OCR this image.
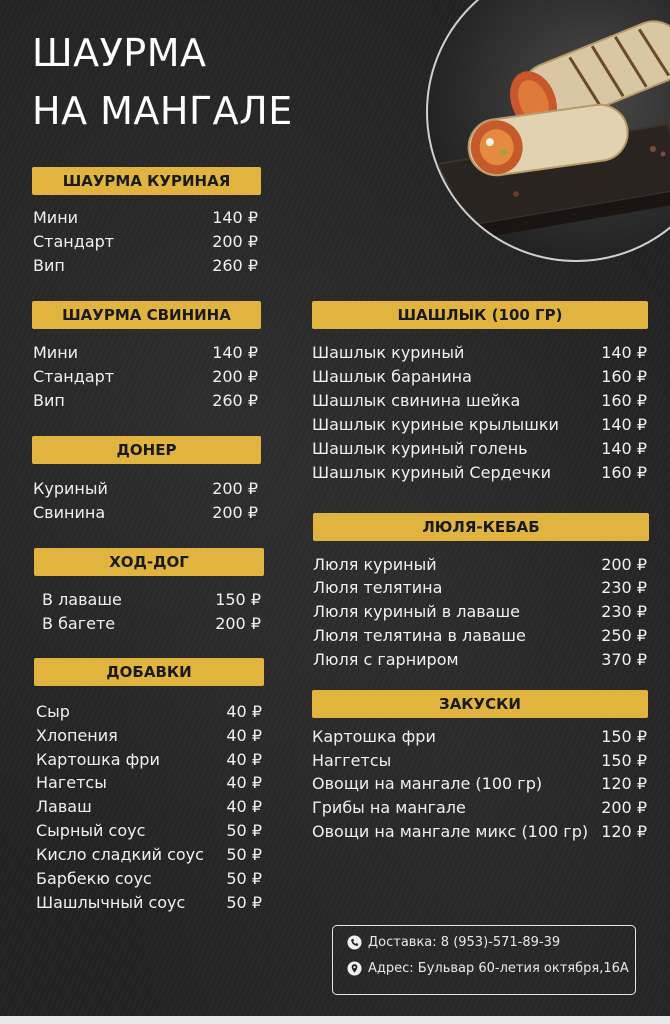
ШАУРМА
НА МАНГАЛЕ
ШАУРМА КУРИНАЯ
Мини	140 ₽
Стандарт	200 ₽
Вип	260 ₽
ШАУРМА СВИНИНА
Мини	140 ₽
Стандарт	200 ₽
Вип	260 ₽
ДОНЕР
Куриный	200 ₽
Свинина	200 ₽
ХОД-ДОГ
В лаваше	150 ₽
В багете	200 ₽
ДОБАВКИ
Сыр	40 ₽
Хлопения	40 ₽
Картошка фри	40 ₽
Нагетсы	40 ₽
Лаваш	40 ₽
Сырный соус	50 ₽
Кисло сладкий соус	50 ₽
Барбекю соус	50 ₽
Шашлычный соус	50 ₽
ШАШЛЫК (100 ГР)
Шашлык куриный	140 ₽
Шашлык баранина	160 ₽
Шашлык свинина шейка	160 ₽
Шашлык куриные крылышки	140 ₽
Шашлык куриный голень	140 ₽
Шашлык куриный Сердечки	160 ₽
ЛЮЛЯ-КЕБАБ
Люля куриный	200 ₽
Люля телятина	230 ₽
Люля куриный в лаваше	230 ₽
Люля телятина в лаваше	250 ₽
Люля с гарниром	370 ₽
ЗАКУСКИ
Картошка фри	150 ₽
Наггетсы	150 ₽
Овощи на мангале (100 гр)	120 ₽
Грибы на мангале	200 ₽
Овощи на мангале микс (100 гр) 120 ₽
Доставка: 8 (953)-571-89-39
Адрес: Бульвар 60-летия октября,16А
